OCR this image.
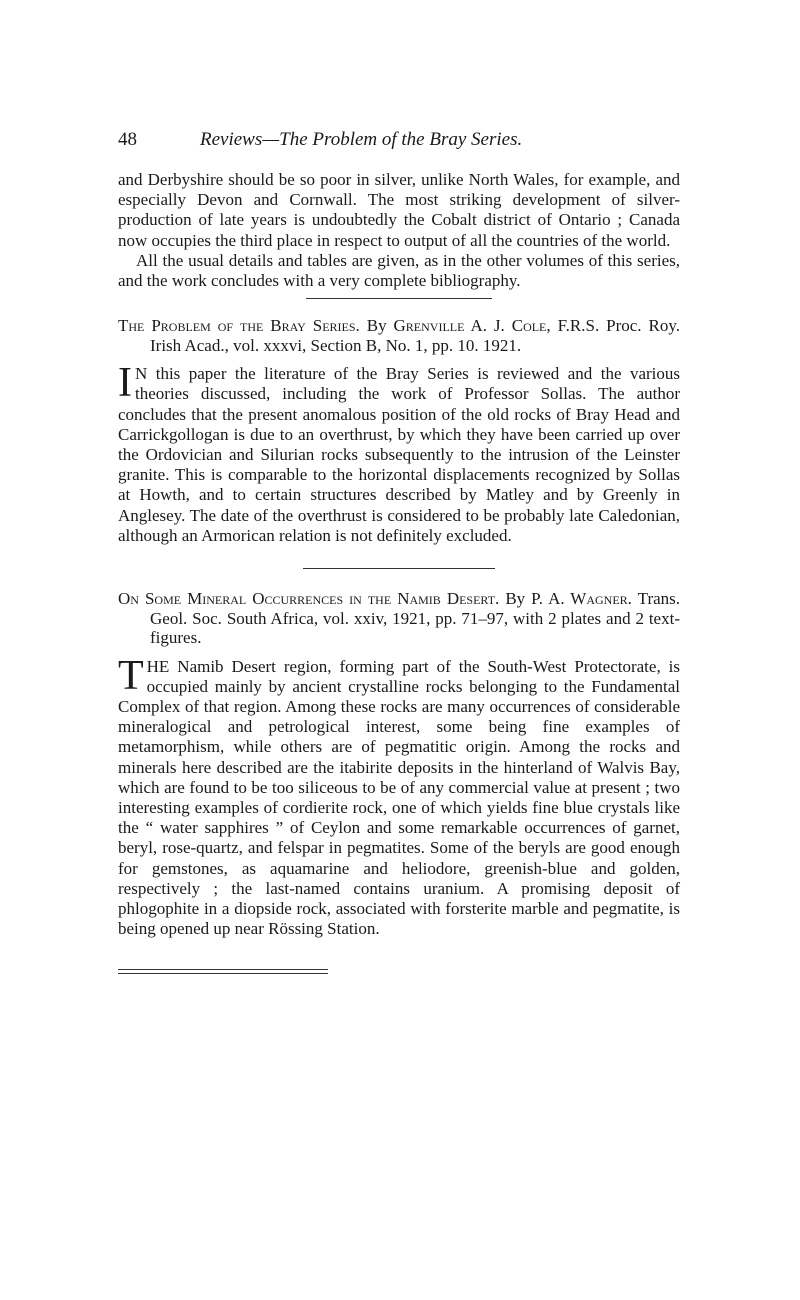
48	Reviews—The Problem of the Bray Series.

and Derbyshire should be so poor in silver, unlike North Wales, for example, and especially Devon and Cornwall. The most striking development of silver-production of late years is undoubtedly the Cobalt district of Ontario ; Canada now occupies the third place in respect to output of all the countries of the world.

All the usual details and tables are given, as in the other volumes of this series, and the work concludes with a very complete bibliography.

The Problem of the Bray Series. By Grenville A. J. Cole, F.R.S. Proc. Roy. Irish Acad., vol. xxxvi, Section B, No. 1, pp. 10. 1921.

I N this paper the literature of the Bray Series is reviewed and the various theories discussed, including the work of Professor Sollas. The author concludes that the present anomalous position of the old rocks of Bray Head and Carrickgollogan is due to an overthrust, by which they have been carried up over the Ordovician and Silurian rocks subsequently to the intrusion of the Leinster granite. This is comparable to the horizontal displacements recognized by Sollas at Howth, and to certain structures described by Matley and by Greenly in Anglesey. The date of the overthrust is considered to be probably late Caledonian, although an Armorican relation is not definitely excluded.

On Some Mineral Occurrences in the Namib Desert. By P. A. Wagner. Trans. Geol. Soc. South Africa, vol. xxiv, 1921, pp. 71–97, with 2 plates and 2 text-figures.

THE Namib Desert region, forming part of the South-West Protectorate, is occupied mainly by ancient crystalline rocks belonging to the Fundamental Complex of that region. Among these rocks are many occurrences of considerable mineralogical and petrological interest, some being fine examples of metamorphism, while others are of pegmatitic origin. Among the rocks and minerals here described are the itabirite deposits in the hinterland of Walvis Bay, which are found to be too siliceous to be of any commercial value at present ; two interesting examples of cordierite rock, one of which yields fine blue crystals like the “ water sapphires ” of Ceylon and some remarkable occurrences of garnet, beryl, rose-quartz, and felspar in pegmatites. Some of the beryls are good enough for gemstones, as aquamarine and heliodore, greenish-blue and golden, respectively ; the last-named contains uranium. A promising deposit of phlogophite in a diopside rock, associated with forsterite marble and pegmatite, is being opened up near Rössing Station.
